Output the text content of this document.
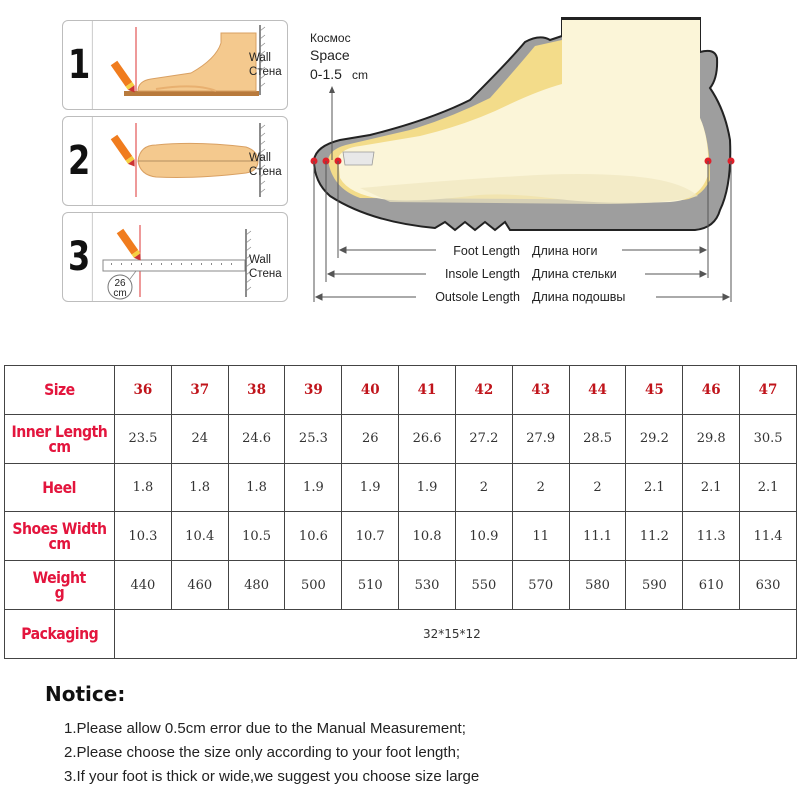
1	Wall
Стена
2	Wall
Стена
3
26
cm
Wall
Стена
Космос
Space
0-1.5 cm
Foot Length Длина ноги
Insole Length Длина стельки
Outsole Length Длина подошвы
Size	36	37	38	39	40	41	42	43	44	45	46	47
Inner Length
cm	23.5	24	24.6	25.3	26	26.6	27.2	27.9	28.5	29.2	29.8	30.5
Heel	1.8	1.8	1.8	1.9	1.9	1.9	2	2	2	2.1	2.1	2.1
Shoes Width
cm	10.3	10.4	10.5	10.6	10.7	10.8	10.9	11	11.1	11.2	11.3	11.4
Weight
g	440	460	480	500	510	530	550	570	580	590	610	630
Packaging	32*15*12											
Notice:
1.Please allow 0.5cm error due to the Manual Measurement;
2.Please choose the size only according to your foot length;
3.If your foot is thick or wide,we suggest you choose size large
